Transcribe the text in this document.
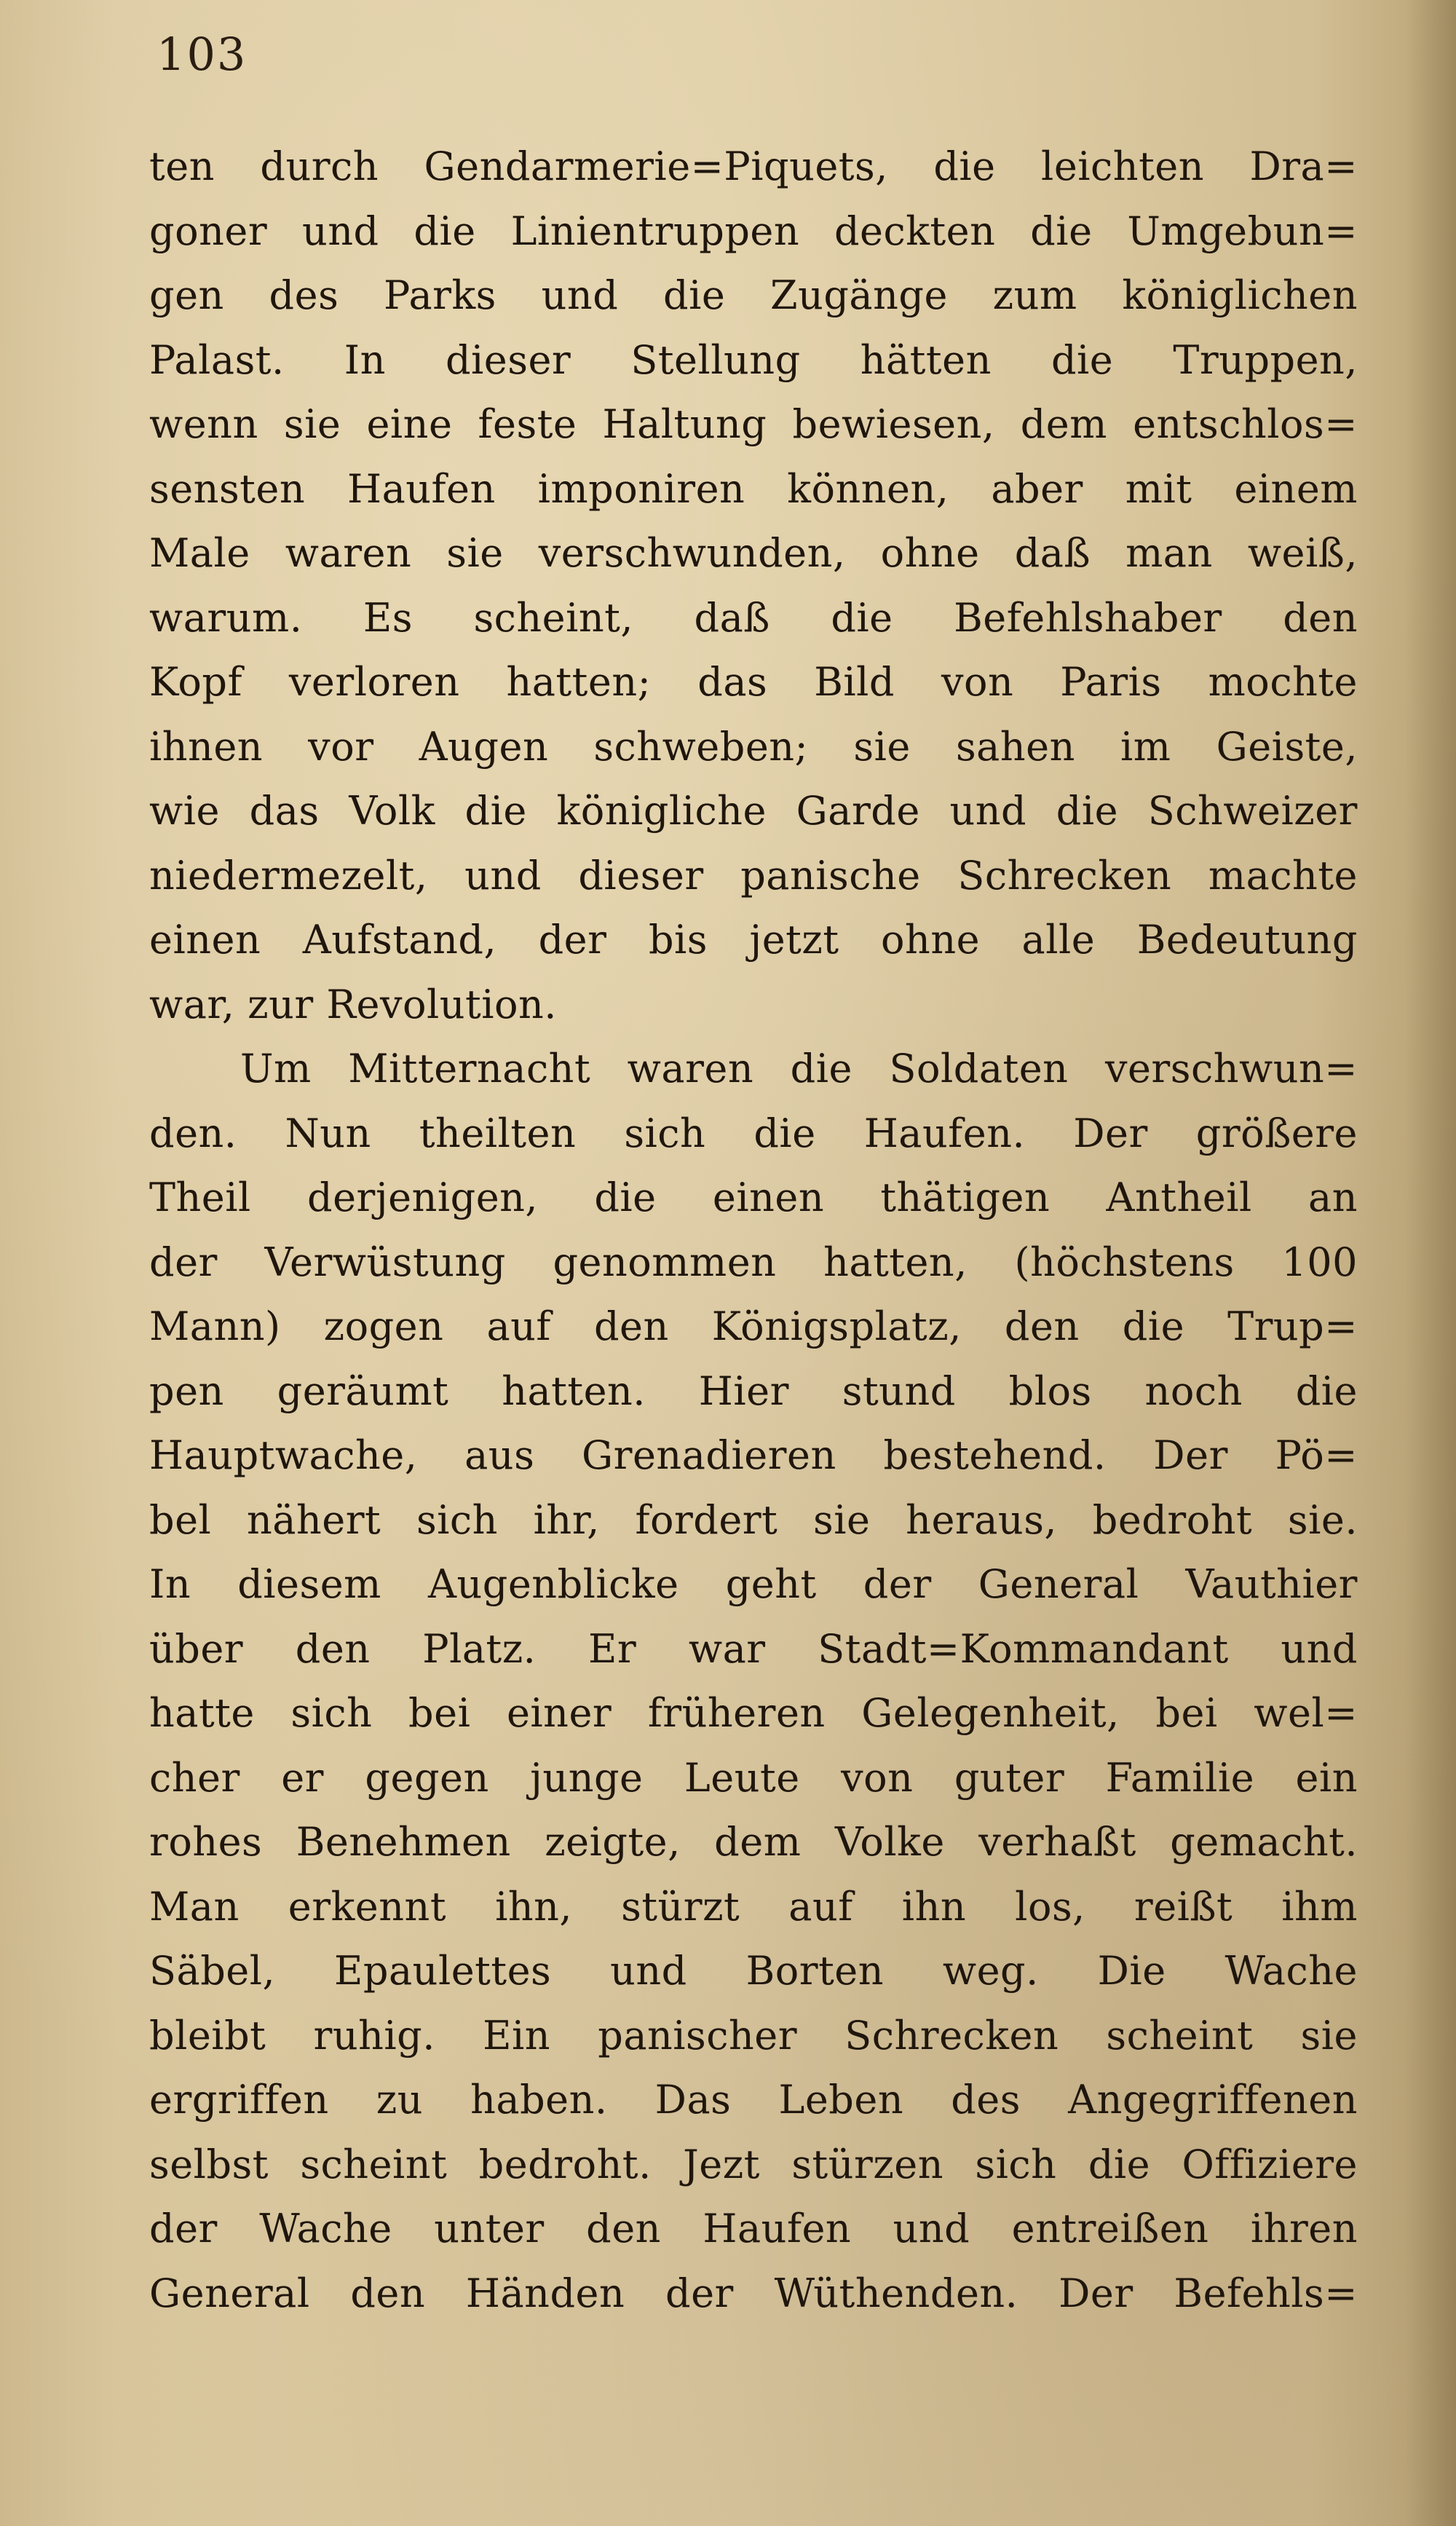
103
ten durch Gendarmerie=Piquets, die leichten Dra=
goner und die Linientruppen deckten die Umgebun=
gen des Parks und die Zugänge zum königlichen
Palast. In dieser Stellung hätten die Truppen,
wenn sie eine feste Haltung bewiesen, dem entschlos=
sensten Haufen imponiren können, aber mit einem
Male waren sie verschwunden, ohne daß man weiß,
warum. Es scheint, daß die Befehlshaber den
Kopf verloren hatten; das Bild von Paris mochte
ihnen vor Augen schweben; sie sahen im Geiste,
wie das Volk die königliche Garde und die Schweizer
niedermezelt, und dieser panische Schrecken machte
einen Aufstand, der bis jetzt ohne alle Bedeutung
war, zur Revolution.
Um Mitternacht waren die Soldaten verschwun=
den. Nun theilten sich die Haufen. Der größere
Theil derjenigen, die einen thätigen Antheil an
der Verwüstung genommen hatten, (höchstens 100
Mann) zogen auf den Königsplatz, den die Trup=
pen geräumt hatten. Hier stund blos noch die
Hauptwache, aus Grenadieren bestehend. Der Pö=
bel nähert sich ihr, fordert sie heraus, bedroht sie.
In diesem Augenblicke geht der General Vauthier
über den Platz. Er war Stadt=Kommandant und
hatte sich bei einer früheren Gelegenheit, bei wel=
cher er gegen junge Leute von guter Familie ein
rohes Benehmen zeigte, dem Volke verhaßt gemacht.
Man erkennt ihn, stürzt auf ihn los, reißt ihm
Säbel, Epaulettes und Borten weg. Die Wache
bleibt ruhig. Ein panischer Schrecken scheint sie
ergriffen zu haben. Das Leben des Angegriffenen
selbst scheint bedroht. Jezt stürzen sich die Offiziere
der Wache unter den Haufen und entreißen ihren
General den Händen der Wüthenden. Der Befehls=
